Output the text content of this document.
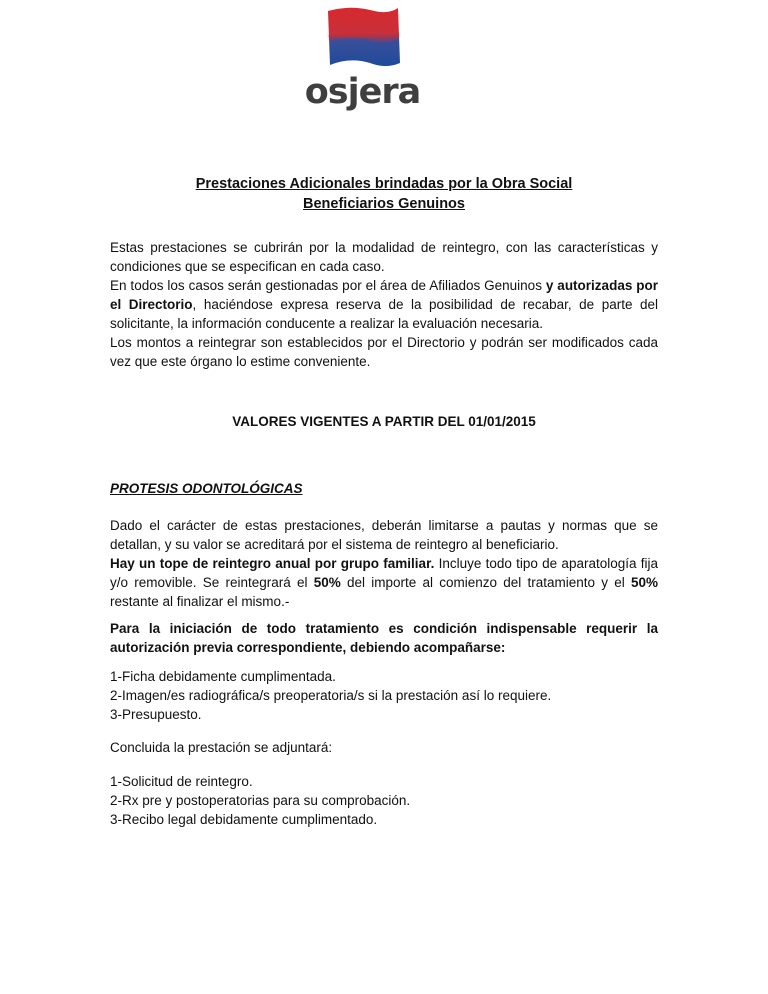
osjera
Prestaciones Adicionales brindadas por la Obra Social
Beneficiarios Genuinos

Estas prestaciones se cubrirán por la modalidad de reintegro, con las características y condiciones que se especifican en cada caso.

En todos los casos serán gestionadas por el área de Afiliados Genuinos y autorizadas por el Directorio, haciéndose expresa reserva de la posibilidad de recabar, de parte del solicitante, la información conducente a realizar la evaluación necesaria.

Los montos a reintegrar son establecidos por el Directorio y podrán ser modificados cada vez que este órgano lo estime conveniente.

VALORES VIGENTES A PARTIR DEL 01/01/2015
PROTESIS ODONTOLÓGICAS

Dado el carácter de estas prestaciones, deberán limitarse a pautas y normas que se detallan, y su valor se acreditará por el sistema de reintegro al beneficiario.

Hay un tope de reintegro anual por grupo familiar. Incluye todo tipo de aparatología fija y/o removible. Se reintegrará el 50% del importe al comienzo del tratamiento y el 50% restante al finalizar el mismo.-

Para la iniciación de todo tratamiento es condición indispensable requerir la autorización previa correspondiente, debiendo acompañarse:
1-Ficha debidamente cumplimentada.
2-Imagen/es radiográfica/s preoperatoria/s si la prestación así lo requiere.
3-Presupuesto.
Concluida la prestación se adjuntará:
1-Solicitud de reintegro.
2-Rx pre y postoperatorias para su comprobación.
3-Recibo legal debidamente cumplimentado.
